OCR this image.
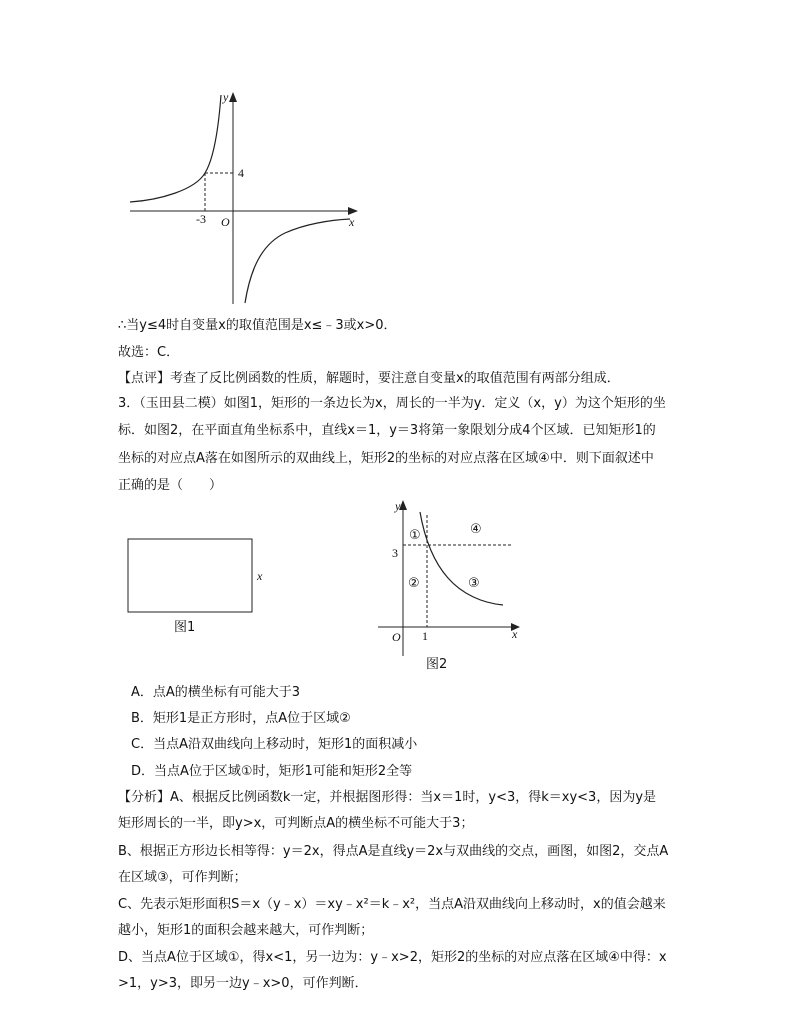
y
x
O
4
-3
∴当y≤4时自变量x的取值范围是x≤﹣3或x>0．
故选：C．
【点评】考查了反比例函数的性质，解题时，要注意自变量x的取值范围有两部分组成．
3．（玉田县二模）如图1，矩形的一条边长为x，周长的一半为y．定义（x，y）为这个矩形的坐
标．如图2，在平面直角坐标系中，直线x＝1，y＝3将第一象限划分成4个区域．已知矩形1的
坐标的对应点A落在如图所示的双曲线上，矩形2的坐标的对应点落在区域④中．则下面叙述中
正确的是（　　）
x
图1
y
x
O
3
1
①
②	③
④
图2
A．点A的横坐标有可能大于3
B．矩形1是正方形时，点A位于区域②
C．当点A沿双曲线向上移动时，矩形1的面积减小
D．当点A位于区域①时，矩形1可能和矩形2全等
【分析】A、根据反比例函数k一定，并根据图形得：当x＝1时，y<3，得k＝xy<3，因为y是
矩形周长的一半，即y>x，可判断点A的横坐标不可能大于3；
B、根据正方形边长相等得：y＝2x，得点A是直线y＝2x与双曲线的交点，画图，如图2，交点A
在区域③，可作判断；
C、先表示矩形面积S＝x（y﹣x）＝xy﹣x²＝k﹣x²，当点A沿双曲线向上移动时，x的值会越来
越小，矩形1的面积会越来越大，可作判断；
D、当点A位于区域①，得x<1，另一边为：y﹣x>2，矩形2的坐标的对应点落在区域④中得：x
>1，y>3，即另一边y﹣x>0，可作判断．
